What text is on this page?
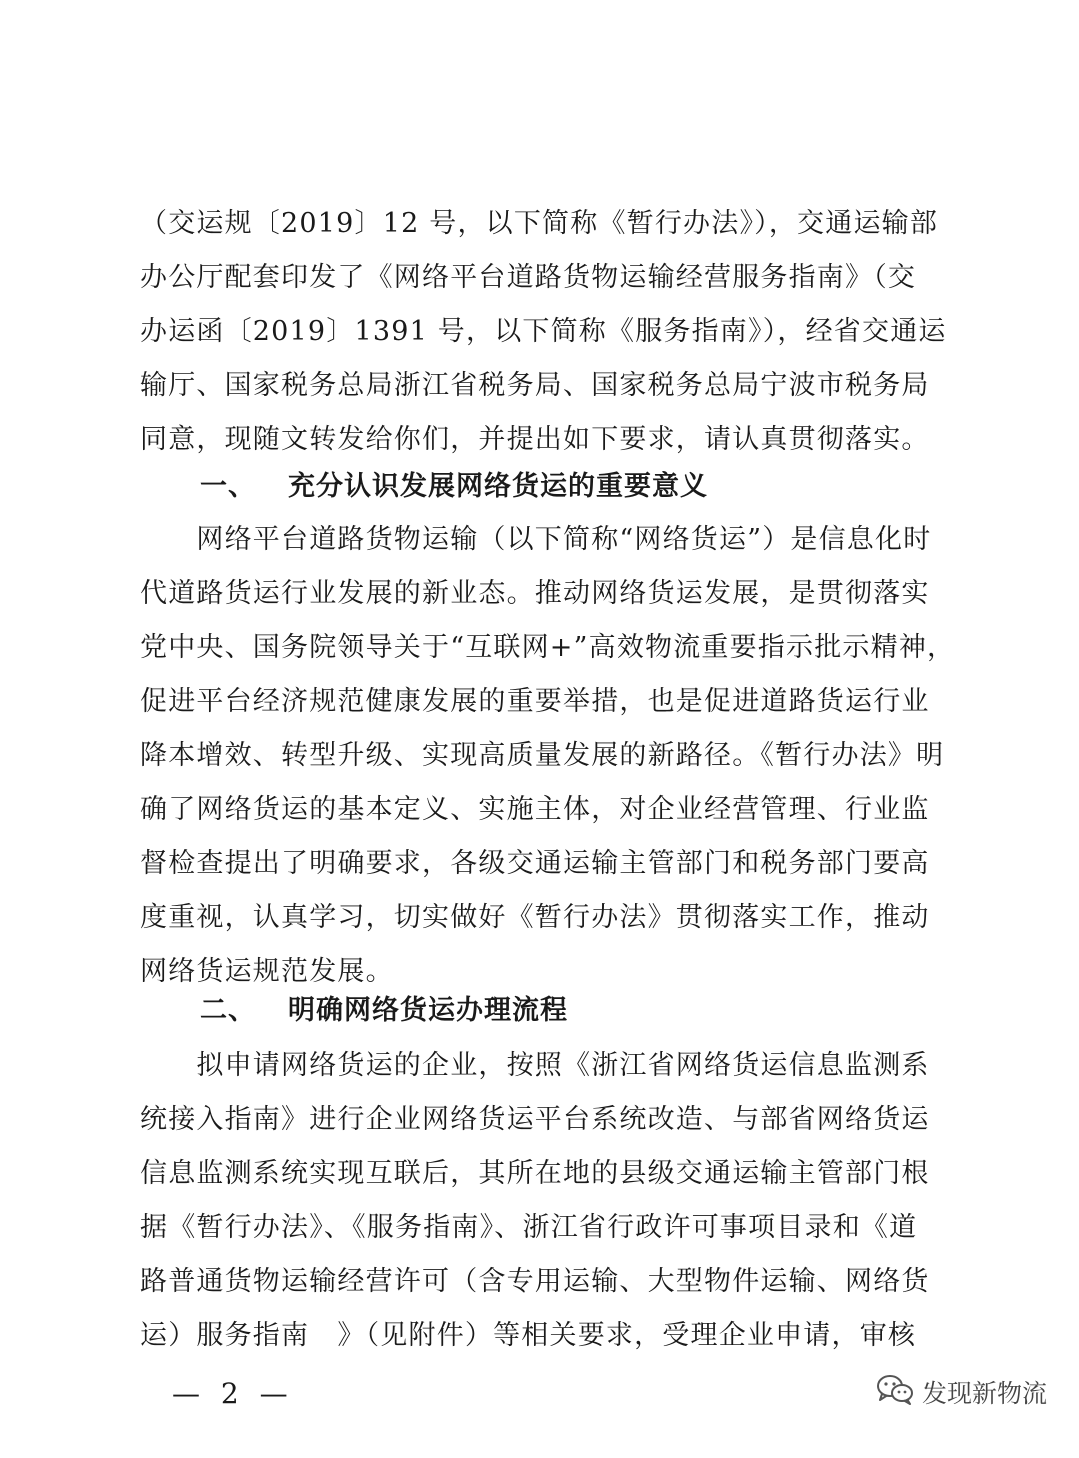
（交运规〔2019〕12 号，以下简称《暂行办法》），交通运输部
办公厅配套印发了《网络平台道路货物运输经营服务指南》（交
办运函〔2019〕1391 号，以下简称《服务指南》），经省交通运
输厅、国家税务总局浙江省税务局、国家税务总局宁波市税务局
同意，现随文转发给你们，并提出如下要求，请认真贯彻落实。
一、 充分认识发展网络货运的重要意义
　　网络平台道路货物运输（以下简称“网络货运”）是信息化时
代道路货运行业发展的新业态。推动网络货运发展，是贯彻落实
党中央、国务院领导关于“互联网+”高效物流重要指示批示精神，
促进平台经济规范健康发展的重要举措，也是促进道路货运行业
降本增效、转型升级、实现高质量发展的新路径。《暂行办法》明
确了网络货运的基本定义、实施主体，对企业经营管理、行业监
督检查提出了明确要求，各级交通运输主管部门和税务部门要高
度重视，认真学习，切实做好《暂行办法》贯彻落实工作，推动
网络货运规范发展。
二、 明确网络货运办理流程
　　拟申请网络货运的企业，按照《浙江省网络货运信息监测系
统接入指南》进行企业网络货运平台系统改造、与部省网络货运
信息监测系统实现互联后，其所在地的县级交通运输主管部门根
据《暂行办法》、《服务指南》、浙江省行政许可事项目录和《道
路普通货物运输经营许可（含专用运输、大型物件运输、网络货
运）服务指南　》（见附件）等相关要求，受理企业申请，审核
— 2 —	发现新物流
